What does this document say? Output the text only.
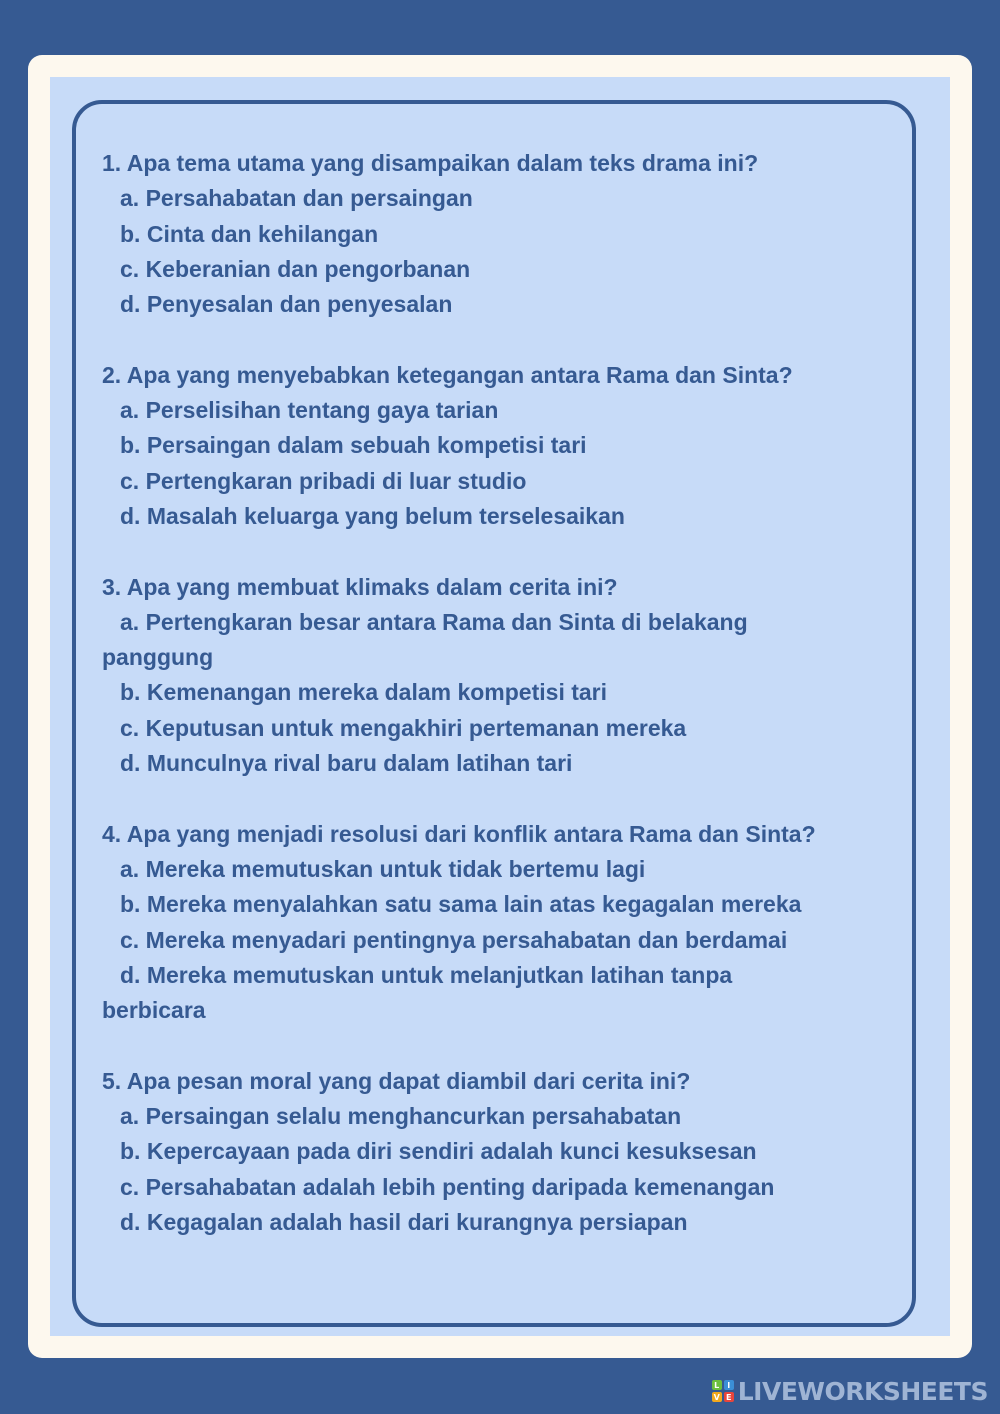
1. Apa tema utama yang disampaikan dalam teks drama ini?

a. Persahabatan dan persaingan

b. Cinta dan kehilangan

c. Keberanian dan pengorbanan

d. Penyesalan dan penyesalan

2. Apa yang menyebabkan ketegangan antara Rama dan Sinta?

a. Perselisihan tentang gaya tarian

b. Persaingan dalam sebuah kompetisi tari

c. Pertengkaran pribadi di luar studio

d. Masalah keluarga yang belum terselesaikan

3. Apa yang membuat klimaks dalam cerita ini?

a. Pertengkaran besar antara Rama dan Sinta di belakang

panggung

b. Kemenangan mereka dalam kompetisi tari

c. Keputusan untuk mengakhiri pertemanan mereka

d. Munculnya rival baru dalam latihan tari

4. Apa yang menjadi resolusi dari konflik antara Rama dan Sinta?

a. Mereka memutuskan untuk tidak bertemu lagi

b. Mereka menyalahkan satu sama lain atas kegagalan mereka

c. Mereka menyadari pentingnya persahabatan dan berdamai

d. Mereka memutuskan untuk melanjutkan latihan tanpa

berbicara

5. Apa pesan moral yang dapat diambil dari cerita ini?

a. Persaingan selalu menghancurkan persahabatan

b. Kepercayaan pada diri sendiri adalah kunci kesuksesan

c. Persahabatan adalah lebih penting daripada kemenangan

d. Kegagalan adalah hasil dari kurangnya persiapan

L I
V E LIVEWORKSHEETS
